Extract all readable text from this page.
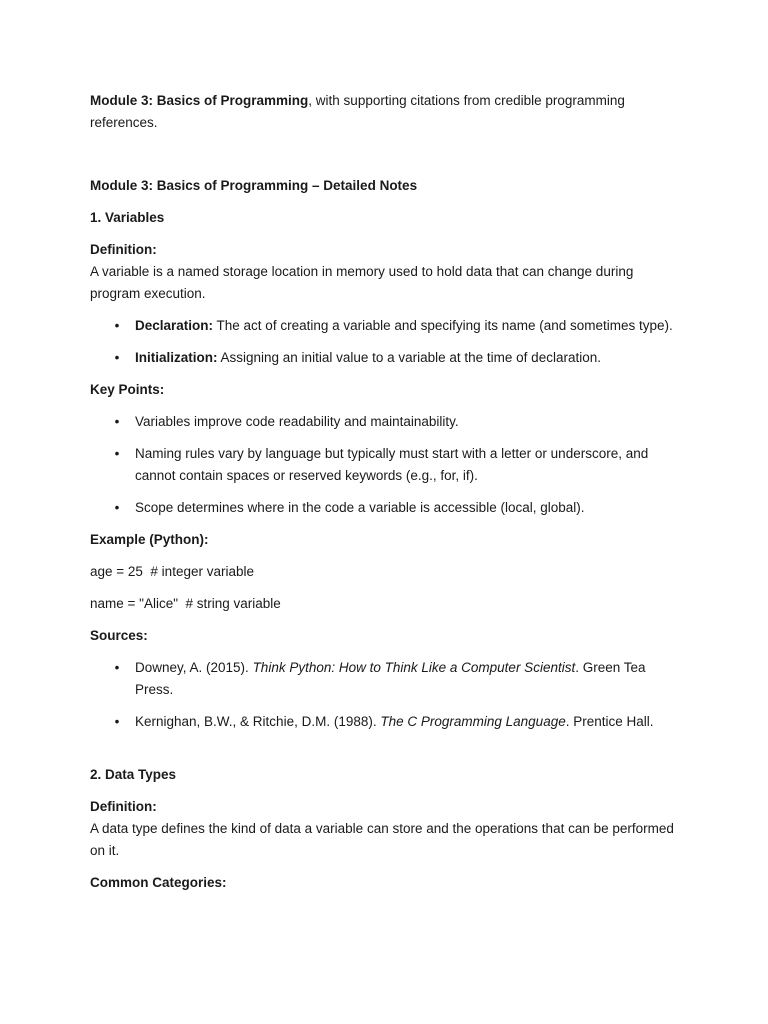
Module 3: Basics of Programming, with supporting citations from credible programming references.

Module 3: Basics of Programming – Detailed Notes

1. Variables

Definition:

A variable is a named storage location in memory used to hold data that can change during program execution.

• Declaration: The act of creating a variable and specifying its name (and sometimes type).
• Initialization: Assigning an initial value to a variable at the time of declaration.

Key Points:

• Variables improve code readability and maintainability.
• Naming rules vary by language but typically must start with a letter or underscore, and cannot contain spaces or reserved keywords (e.g., for, if).
• Scope determines where in the code a variable is accessible (local, global).

Example (Python):

age = 25  # integer variable

name = "Alice"  # string variable

Sources:

• Downey, A. (2015). Think Python: How to Think Like a Computer Scientist. Green Tea Press.
• Kernighan, B.W., & Ritchie, D.M. (1988). The C Programming Language. Prentice Hall.

2. Data Types

Definition:

A data type defines the kind of data a variable can store and the operations that can be performed on it.

Common Categories:
